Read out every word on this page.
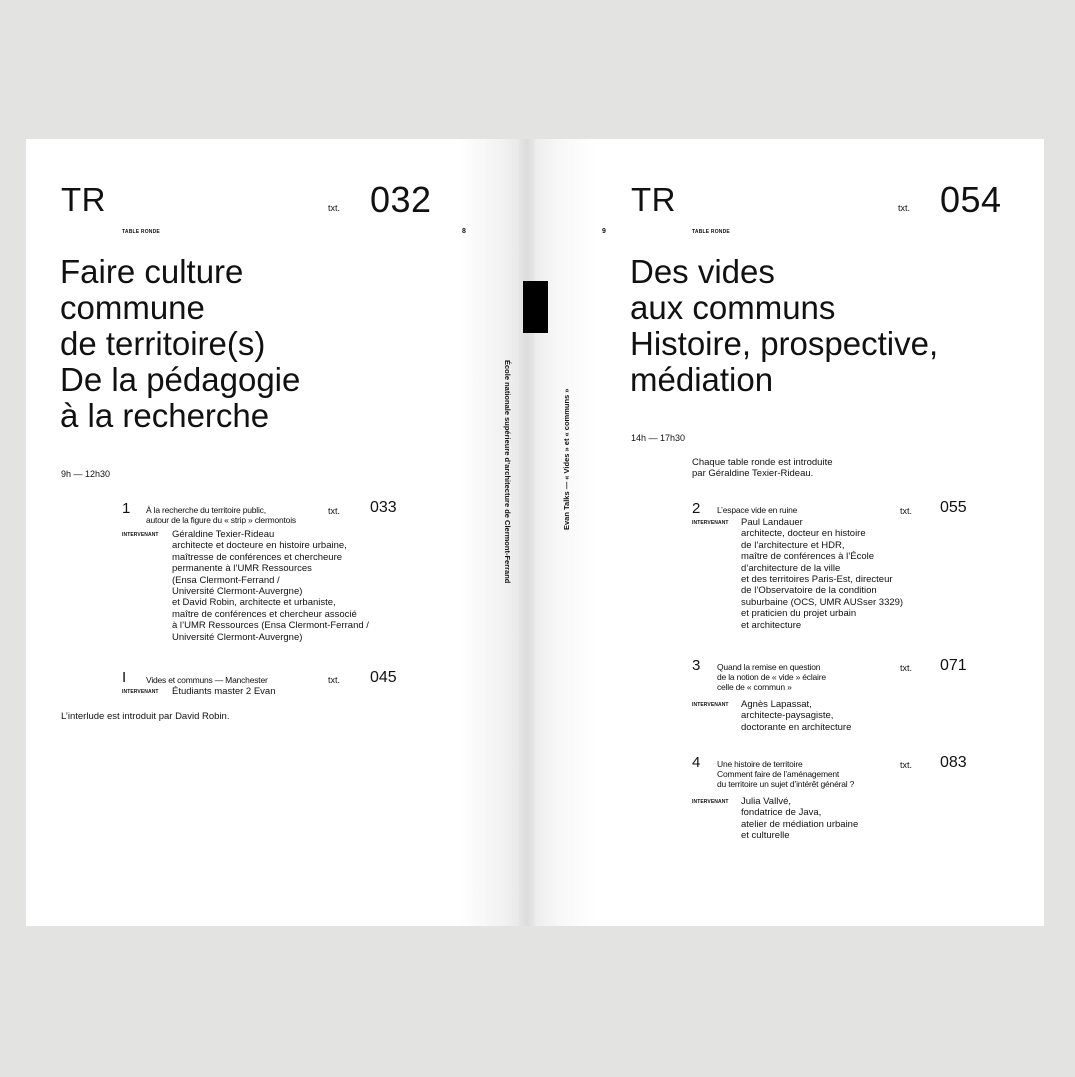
TR	txt. 032
TABLE RONDE	8
Faire culture
commune
de territoire(s)
De la pédagogie
à la recherche
9h — 12h30
1 À la recherche du territoire public,
autour de la figure du « strip » clermontois
txt. 033
INTERVENANT Géraldine Texier-Rideau
architecte et docteure en histoire urbaine,
maîtresse de conférences et chercheure
permanente à l’UMR Ressources
(Ensa Clermont-Ferrand /
Université Clermont-Auvergne)
et David Robin, architecte et urbaniste,
maître de conférences et chercheur associé
à l’UMR Ressources (Ensa Clermont-Ferrand /
Université Clermont-Auvergne)
I Vides et communs — Manchester	txt. 045
INTERVENANT Étudiants master 2 Evan
L’interlude est introduit par David Robin.
TR	txt. 054
TABLE RONDE
9
Des vides
aux communs
Histoire, prospective,
médiation
14h — 17h30
Chaque table ronde est introduite
par Géraldine Texier-Rideau.
2 L’espace vide en ruine	txt. 055
INTERVENANT Paul Landauer
architecte, docteur en histoire
de l’architecture et HDR,
maître de conférences à l’École
d’architecture de la ville
et des territoires Paris-Est, directeur
de l’Observatoire de la condition
suburbaine (OCS, UMR AUSser 3329)
et praticien du projet urbain
et architecture
3 Quand la remise en question
de la notion de « vide » éclaire
celle de « commun »
txt. 071
INTERVENANT Agnès Lapassat,
architecte-paysagiste,
doctorante en architecture
4 Une histoire de territoire
Comment faire de l’aménagement
du territoire un sujet d’intérêt général ?
txt. 083
INTERVENANT Julia Vallvé,
fondatrice de Java,
atelier de médiation urbaine
et culturelle
École nationale supérieure d’architecture de Clermont-Ferrand	Evan Talks — « Vides » et « communs »
